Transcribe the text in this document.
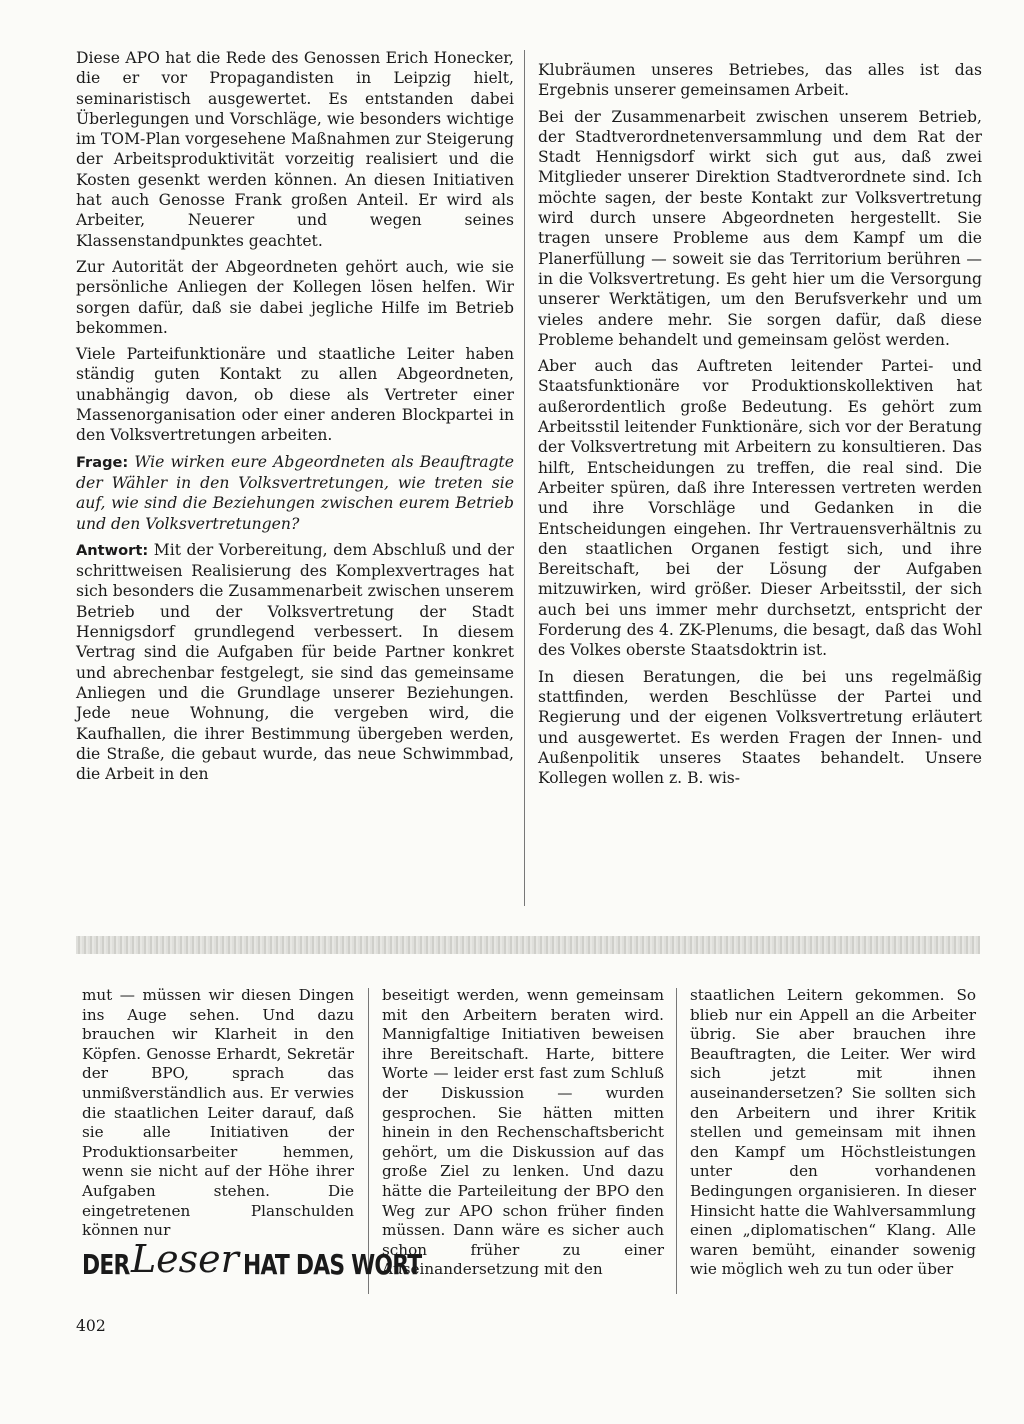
Diese APO hat die Rede des Genossen Erich Honecker, die er vor Propagandisten in Leipzig hielt, seminaristisch ausgewertet. Es entstanden dabei Überlegungen und Vorschläge, wie besonders wichtige im TOM-Plan vorgesehene Maßnahmen zur Steigerung der Arbeitsproduktivität vorzeitig realisiert und die Kosten gesenkt werden können. An diesen Initiativen hat auch Genosse Frank großen Anteil. Er wird als Arbeiter, Neuerer und wegen seines Klassenstandpunktes geachtet.

Zur Autorität der Abgeordneten gehört auch, wie sie persönliche Anliegen der Kollegen lösen helfen. Wir sorgen dafür, daß sie dabei jegliche Hilfe im Betrieb bekommen.

Viele Parteifunktionäre und staatliche Leiter haben ständig guten Kontakt zu allen Abgeordneten, unabhängig davon, ob diese als Vertreter einer Massenorganisation oder einer anderen Blockpartei in den Volksvertretungen arbeiten.

Frage: Wie wirken eure Abgeordneten als Beauftragte der Wähler in den Volksvertretungen, wie treten sie auf, wie sind die Beziehungen zwischen eurem Betrieb und den Volksvertretungen?

Antwort: Mit der Vorbereitung, dem Abschluß und der schrittweisen Realisierung des Komplexvertrages hat sich besonders die Zusammenarbeit zwischen unserem Betrieb und der Volksvertretung der Stadt Hennigsdorf grundlegend verbessert. In diesem Vertrag sind die Aufgaben für beide Partner konkret und abrechenbar festgelegt, sie sind das gemeinsame Anliegen und die Grundlage unserer Beziehungen. Jede neue Wohnung, die vergeben wird, die Kaufhallen, die ihrer Bestimmung übergeben werden, die Straße, die gebaut wurde, das neue Schwimmbad, die Arbeit in den

Klubräumen unseres Betriebes, das alles ist das Ergebnis unserer gemeinsamen Arbeit.

Bei der Zusammenarbeit zwischen unserem Betrieb, der Stadtverordnetenversammlung und dem Rat der Stadt Hennigsdorf wirkt sich gut aus, daß zwei Mitglieder unserer Direktion Stadtverordnete sind. Ich möchte sagen, der beste Kontakt zur Volksvertretung wird durch unsere Abgeordneten hergestellt. Sie tragen unsere Probleme aus dem Kampf um die Planerfüllung — soweit sie das Territorium berühren — in die Volksvertretung. Es geht hier um die Versorgung unserer Werktätigen, um den Berufsverkehr und um vieles andere mehr. Sie sorgen dafür, daß diese Probleme behandelt und gemeinsam gelöst werden.

Aber auch das Auftreten leitender Partei- und Staatsfunktionäre vor Produktionskollektiven hat außerordentlich große Bedeutung. Es gehört zum Arbeitsstil leitender Funktionäre, sich vor der Beratung der Volksvertretung mit Arbeitern zu konsultieren. Das hilft, Entscheidungen zu treffen, die real sind. Die Arbeiter spüren, daß ihre Interessen vertreten werden und ihre Vorschläge und Gedanken in die Entscheidungen eingehen. Ihr Vertrauensverhältnis zu den staatlichen Organen festigt sich, und ihre Bereitschaft, bei der Lösung der Aufgaben mitzuwirken, wird größer. Dieser Arbeitsstil, der sich auch bei uns immer mehr durchsetzt, entspricht der Forderung des 4. ZK-Plenums, die besagt, daß das Wohl des Volkes oberste Staatsdoktrin ist.

In diesen Beratungen, die bei uns regelmäßig stattfinden, werden Beschlüsse der Partei und Regierung und der eigenen Volksvertretung erläutert und ausgewertet. Es werden Fragen der Innen- und Außenpolitik unseres Staates behandelt. Unsere Kollegen wollen z. B. wis-

mut — müssen wir diesen Dingen ins Auge sehen. Und dazu brauchen wir Klarheit in den Köpfen. Genosse Erhardt, Sekretär der BPO, sprach das unmißverständlich aus. Er verwies die staatlichen Leiter darauf, daß sie alle Initiativen der Produktionsarbeiter hemmen, wenn sie nicht auf der Höhe ihrer Aufgaben stehen. Die eingetretenen Planschulden können nur

beseitigt werden, wenn gemeinsam mit den Arbeitern beraten wird. Mannigfaltige Initiativen beweisen ihre Bereitschaft. Harte, bittere Worte — leider erst fast zum Schluß der Diskussion — wurden gesprochen. Sie hätten mitten hinein in den Rechenschaftsbericht gehört, um die Diskussion auf das große Ziel zu lenken. Und dazu hätte die Parteileitung der BPO den Weg zur APO schon früher finden müssen. Dann wäre es sicher auch schon früher zu einer Auseinandersetzung mit den

staatlichen Leitern gekommen. So blieb nur ein Appell an die Arbeiter übrig. Sie aber brauchen ihre Beauftragten, die Leiter. Wer wird sich jetzt mit ihnen auseinandersetzen? Sie sollten sich den Arbeitern und ihrer Kritik stellen und gemeinsam mit ihnen den Kampf um Höchstleistungen unter den vorhandenen Bedingungen organisieren. In dieser Hinsicht hatte die Wahlversammlung einen „diplomatischen“ Klang. Alle waren bemüht, einander sowenig wie möglich weh zu tun oder über

DER Leser HAT DAS WORT
402
